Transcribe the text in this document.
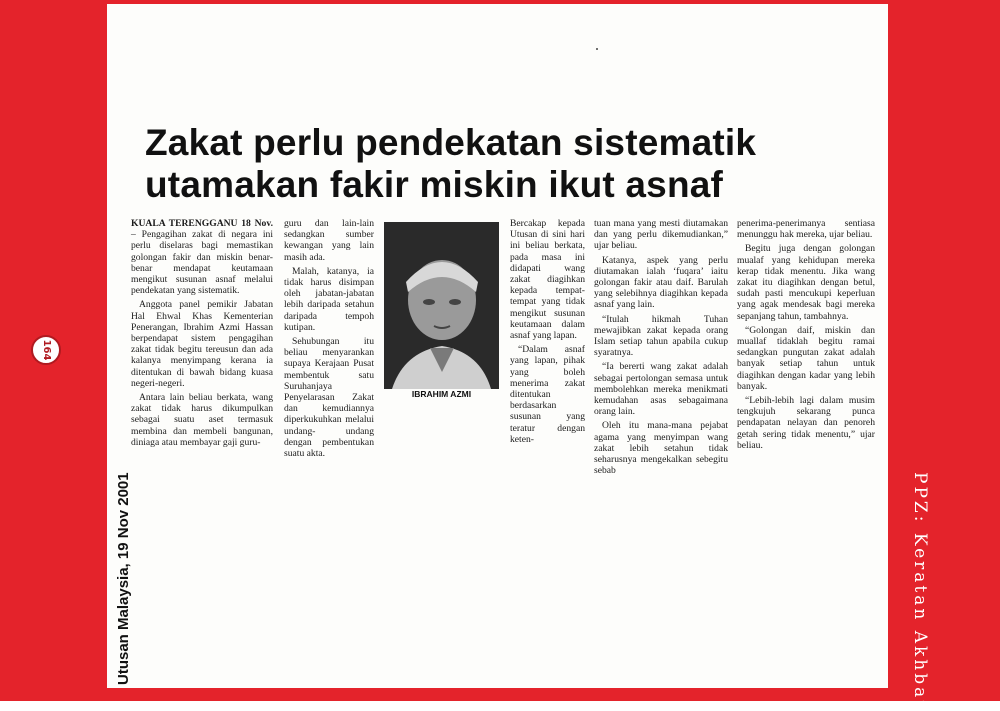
164
Utusan Malaysia, 19 Nov 2001	PPZ: Keratan Akhbar
Zakat perlu pendekatan sistematik
utamakan fakir miskin ikut asnaf

KUALA TERENGGANU 18 Nov. – Pengagihan zakat di negara ini perlu diselaras bagi memastikan golongan fakir dan miskin benar-benar mendapat keutamaan mengikut susunan asnaf melalui pendekatan yang sistematik.

Anggota panel pemikir Jabatan Hal Ehwal Khas Kementerian Penerangan, Ibrahim Azmi Hassan berpendapat sistem pengagihan zakat tidak begitu tereusun dan ada kalanya menyimpang kerana ia ditentukan di bawah bidang kuasa negeri-negeri.

Antara lain beliau berkata, wang zakat tidak harus dikumpulkan sebagai suatu aset termasuk membina dan membeli bangunan, diniaga atau membayar gaji guru-

guru dan lain-lain sedangkan sumber kewangan yang lain masih ada.

Malah, katanya, ia tidak harus disimpan oleh jabatan-jabatan lebih daripada setahun daripada tempoh kutipan.

Sehubungan itu beliau menyarankan supaya Kerajaan Pusat membentuk satu Suruhanjaya Penyelarasan Zakat dan kemudiannya diperkukuhkan melalui undang- undang dengan pembentukan suatu akta.

IBRAHIM AZMI

Bercakap kepada Utusan di sini hari ini beliau berkata, pada masa ini didapati wang zakat diagihkan kepada tempat-tempat yang tidak mengikut susunan keutamaan dalam asnaf yang lapan.

“Dalam asnaf yang lapan, pihak yang boleh menerima zakat ditentukan berdasarkan susunan yang teratur dengan keten-

tuan mana yang mesti diutamakan dan yang perlu dikemudiankan,” ujar beliau.

Katanya, aspek yang perlu diutamakan ialah ‘fuqara’ iaitu golongan fakir atau daif. Barulah yang selebihnya diagihkan kepada asnaf yang lain.

“Itulah hikmah Tuhan mewajibkan zakat kepada orang Islam setiap tahun apabila cukup syaratnya.

“Ia bererti wang zakat adalah sebagai pertolongan semasa untuk membolehkan mereka menikmati kemudahan asas sebagaimana orang lain.

Oleh itu mana-mana pejabat agama yang menyimpan wang zakat lebih setahun tidak seharusnya mengekalkan sebegitu sebab

penerima-penerimanya sentiasa menunggu hak mereka, ujar beliau.

Begitu juga dengan golongan mualaf yang kehidupan mereka kerap tidak menentu. Jika wang zakat itu diagihkan dengan betul, sudah pasti mencukupi keperluan yang agak mendesak bagi mereka sepanjang tahun, tambahnya.

“Golongan daif, miskin dan muallaf tidaklah begitu ramai sedangkan pungutan zakat adalah banyak setiap tahun untuk diagihkan dengan kadar yang lebih banyak.

“Lebih-lebih lagi dalam musim tengkujuh sekarang punca pendapatan nelayan dan penoreh getah sering tidak menentu,” ujar beliau.
